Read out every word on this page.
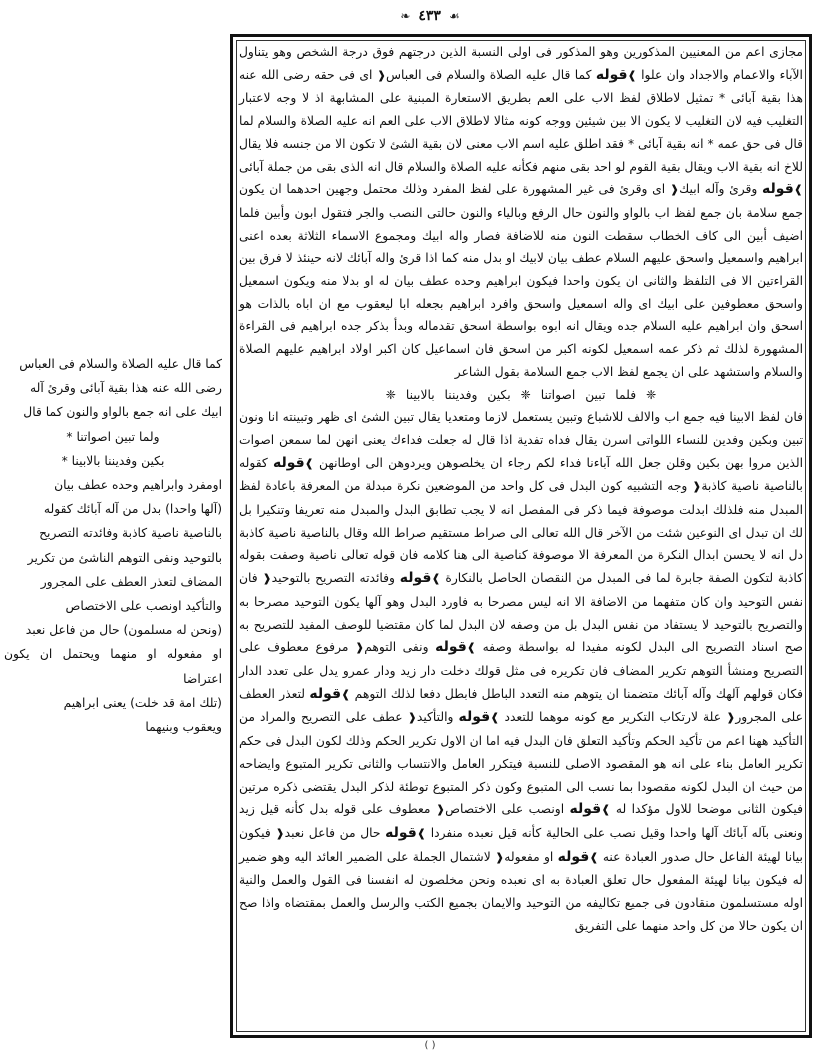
☙
٤٣٣
❧

مجازى اعم من المعنيين المذكورين وهو المذكور فى اولى النسبة الذين درجتهم فوق درجة الشخص وهو يتناول الآباء والاعمام والاجداد وان علوا ❱قوله كما قال عليه الصلاة والسلام فى العباس❰ اى فى حقه رضى الله عنه هذا بقية آبائى * تمثيل لاطلاق لفظ الاب على العم بطريق الاستعارة المبنية على المشابهة اذ لا وجه لاعتبار التغليب فيه لان التغليب لا يكون الا بين شيئين ووجه كونه مثالا لاطلاق الاب على العم انه عليه الصلاة والسلام لما قال فى حق عمه * انه بقية آبائى * فقد اطلق عليه اسم الاب معنى لان بقية الشئ لا تكون الا من جنسه فلا يقال للاخ انه بقية الاب ويقال بقية القوم لو احد بقى منهم فكأنه عليه الصلاة والسلام قال انه الذى بقى من جملة آبائى ❱قوله وقرئ وآله ابيك❰ اى وقرئ فى غير المشهورة على لفظ المفرد وذلك محتمل وجهين احدهما ان يكون جمع سلامة بان جمع لفظ اب بالواو والنون حال الرفع وبالياء والنون حالتى النصب والجر فتقول ابون وأبين فلما اضيف أبين الى كاف الخطاب سقطت النون منه للاضافة فصار واله ابيك ومجموع الاسماء الثلاثة بعده اعنى ابراهيم واسمعيل واسحق عليهم السلام عطف بيان لابيك او بدل منه كما اذا قرئ واله آبائك لانه حينئذ لا فرق بين القراءتين الا فى التلفظ والثانى ان يكون واحدا فيكون ابراهيم وحده عطف بيان له او بدلا منه ويكون اسمعيل واسحق معطوفين على ابيك اى واله اسمعيل واسحق وافرد ابراهيم بجعله ابا ليعقوب مع ان اباه بالذات هو اسحق وان ابراهيم عليه السلام جده ويقال انه ابوه بواسطة اسحق تقدماله وبدأ بذكر جده ابراهيم فى القراءة المشهورة لذلك ثم ذكر عمه اسمعيل لكونه اكبر من اسحق فان اسماعيل كان اكبر اولاد ابراهيم عليهم الصلاة والسلام واستشهد على ان يجمع لفظ الاب جمع السلامة بقول الشاعر

❈ فلما تبين اصواتنا ❈ بكين وفديننا بالابينا ❈

فان لفظ الابينا فيه جمع اب والالف للاشباع وتبين يستعمل لازما ومتعديا يقال تبين الشئ اى ظهر وتبينته انا ونون تبين وبكين وفدين للنساء اللواتى اسرن يقال فداه تفدية اذا قال له جعلت فداءك يعنى انهن لما سمعن اصوات الذين مروا بهن بكين وقلن جعل الله آباءنا فداء لكم رجاء ان يخلصوهن ويردوهن الى اوطانهن ❱قوله كقوله بالناصية ناصية كاذبة❰ وجه التشبيه كون البدل فى كل واحد من الموضعين نكرة مبدلة من المعرفة باعادة لفظ المبدل منه فلذلك ابدلت موصوفة فيما ذكر فى المفصل انه لا يجب تطابق البدل والمبدل منه تعريفا وتنكيرا بل لك ان تبدل اى النوعين شئت من الآخر قال الله تعالى الى صراط مستقيم صراط الله وقال بالناصية ناصية كاذبة دل انه لا يحسن ابدال النكرة من المعرفة الا موصوفة كناصية الى هنا كلامه فان قوله تعالى ناصية وصفت بقوله كاذبة لتكون الصفة جابرة لما فى المبدل من النقصان الحاصل بالنكارة ❱قوله وفائدته التصريح بالتوحيد❰ فان نفس التوحيد وان كان متفهما من الاضافة الا انه ليس مصرحا به فاورد البدل وهو آلها يكون التوحيد مصرحا به والتصريح بالتوحيد لا يستفاد من نفس البدل بل من وصفه لان البدل لما كان مقتضيا للوصف المفيد للتصريح به صح اسناد التصريح الى البدل لكونه مفيدا له بواسطة وصفه ❱قوله ونفى التوهم❰ مرفوع معطوف على التصريح ومنشأ التوهم تكرير المضاف فان تكريره فى مثل قولك دخلت دار زيد ودار عمرو يدل على تعدد الدار فكان قولهم آلهك وآله آبائك متضمنا ان يتوهم منه التعدد الباطل فابطل دفعا لذلك التوهم ❱قوله لتعذر العطف على المجرور❰ علة لارتكاب التكرير مع كونه موهما للتعدد ❱قوله والتأكيد❰ عطف على التصريح والمراد من التأكيد ههنا اعم من تأكيد الحكم وتأكيد التعلق فان البدل فيه اما ان الاول تكرير الحكم وذلك لكون البدل فى حكم تكرير العامل بناء على انه هو المقصود الاصلى للنسبة فيتكرر العامل والانتساب والثانى تكرير المتبوع وايضاحه من حيث ان البدل لكونه مقصودا بما نسب الى المتبوع وكون ذكر المتبوع توطئة لذكر البدل يقتضى ذكره مرتين فيكون الثانى موضحا للاول مؤكدا له ❱قوله اونصب على الاختصاص❰ معطوف على قوله بدل كأنه قيل زيد ونعنى بآله آبائك آلها واحدا وقيل نصب على الحالية كأنه قيل نعبده منفردا ❱قوله حال من فاعل نعبد❰ فيكون بيانا لهيئة الفاعل حال صدور العبادة عنه ❱قوله او مفعوله❰ لاشتمال الجملة على الضمير العائد اليه وهو ضمير له فيكون بيانا لهيئة المفعول حال تعلق العبادة به اى نعبده ونحن مخلصون له انفسنا فى القول والعمل والنية اوله مستسلمون منقادون فى جميع تكاليفه من التوحيد والايمان بجميع الكتب والرسل والعمل بمقتضاه واذا صح ان يكون حالا من كل واحد منهما على التفريق

كما قال عليه الصلاة والسلام فى العباس

رضى الله عنه هذا بقية آبائى وقرئ آله

ابيك على انه جمع بالواو والنون كما قال

ولما تبين اصواتنا *

بكين وفديننا بالابينا *

اومفرد وابراهيم وحده عطف بيان

(آلها واحدا) بدل من آله آبائك كقوله

بالناصية ناصية كاذبة وفائدته التصريح

بالتوحيد ونفى التوهم الناشئ من تكرير

المضاف لتعذر العطف على المجرور

والتأكيد اونصب على الاختصاص

(ونحن له مسلمون) حال من فاعل نعبد

او مفعوله او منهما ويحتمل ان يكون اعتراضا

(تلك امة قد خلت) يعنى ابراهيم

ويعقوب وبنيهما

( )
